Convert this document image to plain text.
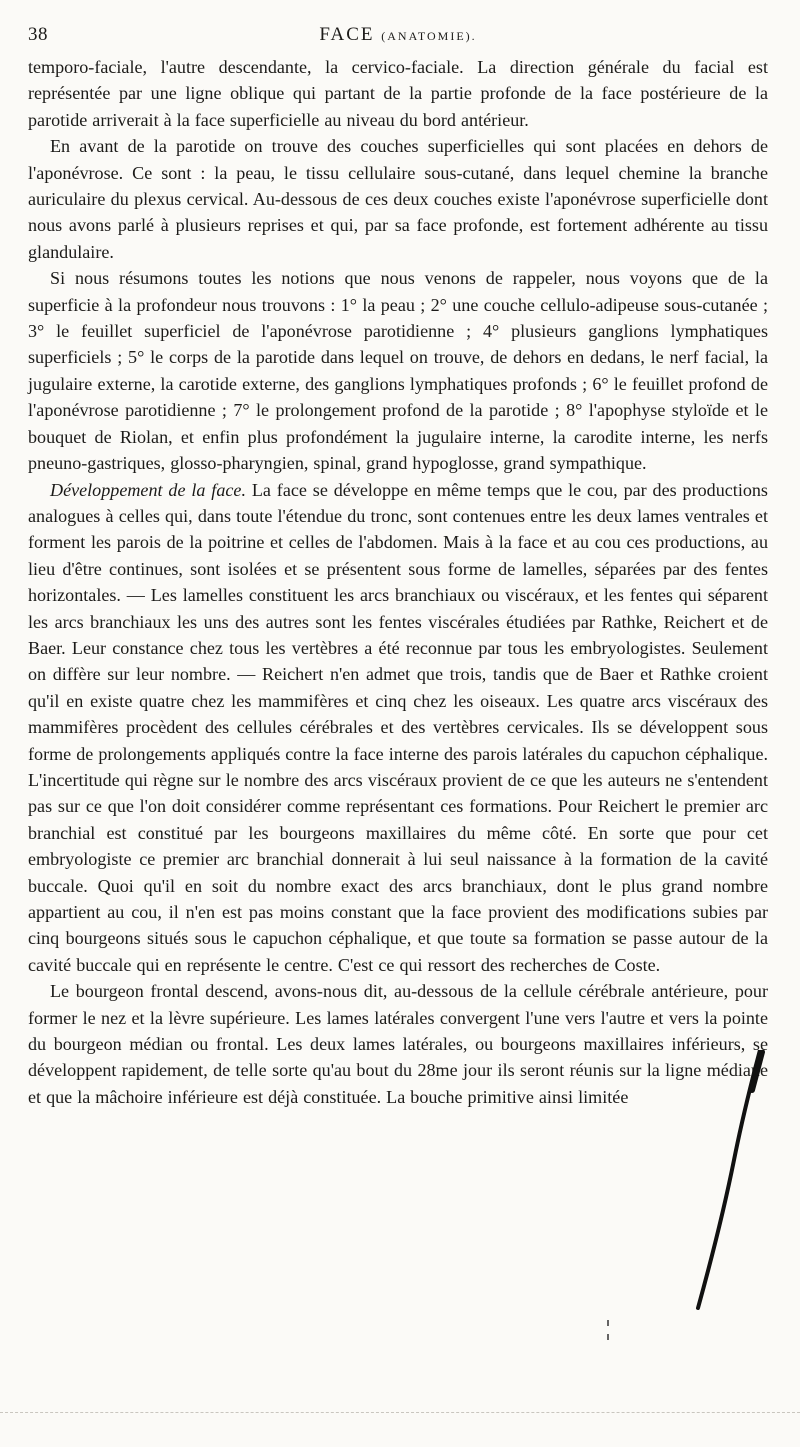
38	FACE (ANATOMIE).

temporo-faciale, l'autre descendante, la cervico-faciale. La direction générale du facial est représentée par une ligne oblique qui partant de la partie profonde de la face postérieure de la parotide arriverait à la face superficielle au niveau du bord antérieur.

En avant de la parotide on trouve des couches superficielles qui sont placées en dehors de l'aponévrose. Ce sont : la peau, le tissu cellulaire sous-cutané, dans lequel chemine la branche auriculaire du plexus cervical. Au-dessous de ces deux couches existe l'aponévrose superficielle dont nous avons parlé à plusieurs reprises et qui, par sa face profonde, est fortement adhérente au tissu glandulaire.

Si nous résumons toutes les notions que nous venons de rappeler, nous voyons que de la superficie à la profondeur nous trouvons : 1° la peau ; 2° une couche cellulo-adipeuse sous-cutanée ; 3° le feuillet superficiel de l'aponévrose parotidienne ; 4° plusieurs ganglions lymphatiques superficiels ; 5° le corps de la parotide dans lequel on trouve, de dehors en dedans, le nerf facial, la jugulaire externe, la carotide externe, des ganglions lymphatiques profonds ; 6° le feuillet profond de l'aponévrose parotidienne ; 7° le prolongement profond de la parotide ; 8° l'apophyse styloïde et le bouquet de Riolan, et enfin plus profondément la jugulaire interne, la carodite interne, les nerfs pneuno-gastriques, glosso-pharyngien, spinal, grand hypoglosse, grand sympathique.

Développement de la face. La face se développe en même temps que le cou, par des productions analogues à celles qui, dans toute l'étendue du tronc, sont contenues entre les deux lames ventrales et forment les parois de la poitrine et celles de l'abdomen. Mais à la face et au cou ces productions, au lieu d'être continues, sont isolées et se présentent sous forme de lamelles, séparées par des fentes horizontales. — Les lamelles constituent les arcs branchiaux ou viscéraux, et les fentes qui séparent les arcs branchiaux les uns des autres sont les fentes viscérales étudiées par Rathke, Reichert et de Baer. Leur constance chez tous les vertèbres a été reconnue par tous les embryologistes. Seulement on diffère sur leur nombre. — Reichert n'en admet que trois, tandis que de Baer et Rathke croient qu'il en existe quatre chez les mammifères et cinq chez les oiseaux. Les quatre arcs viscéraux des mammifères procèdent des cellules cérébrales et des vertèbres cervicales. Ils se développent sous forme de prolongements appliqués contre la face interne des parois latérales du capuchon céphalique. L'incertitude qui règne sur le nombre des arcs viscéraux provient de ce que les auteurs ne s'entendent pas sur ce que l'on doit considérer comme représentant ces formations. Pour Reichert le premier arc branchial est constitué par les bourgeons maxillaires du même côté. En sorte que pour cet embryologiste ce premier arc branchial donnerait à lui seul naissance à la formation de la cavité buccale. Quoi qu'il en soit du nombre exact des arcs branchiaux, dont le plus grand nombre appartient au cou, il n'en est pas moins constant que la face provient des modifications subies par cinq bourgeons situés sous le capuchon céphalique, et que toute sa formation se passe autour de la cavité buccale qui en représente le centre. C'est ce qui ressort des recherches de Coste.

Le bourgeon frontal descend, avons-nous dit, au-dessous de la cellule cérébrale antérieure, pour former le nez et la lèvre supérieure. Les lames latérales convergent l'une vers l'autre et vers la pointe du bourgeon médian ou frontal. Les deux lames latérales, ou bourgeons maxillaires inférieurs, se développent rapidement, de telle sorte qu'au bout du 28me jour ils seront réunis sur la ligne médiane et que la mâchoire inférieure est déjà constituée. La bouche primitive ainsi limitée
